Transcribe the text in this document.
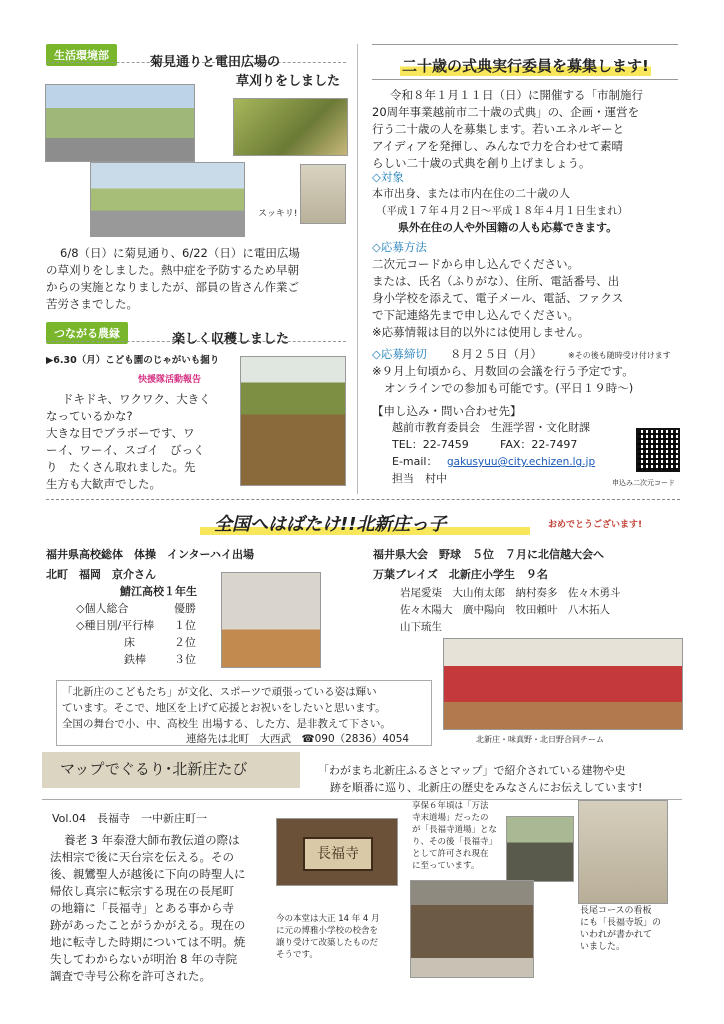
生活環境部	菊見通りと電田広場の
草刈りをしました
スッキリ!
6/8（日）に菊見通り、6/22（日）に電田広場
の草刈りをしました。熱中症を予防するため早朝
からの実施となりましたが、部員の皆さん作業ご
苦労さまでした。
つながる農縁	楽しく収穫しました
▶6.30（月）こども園のじゃがいも掘り
快援隊活動報告
ドキドキ、ワクワク、大きく
なっているかな?
大きな目でブラボーです、ワ
ーイ、ワーイ、スゴイ　びっく
り　たくさん取れました。先
生方も大歓声でした。
二十歳の式典実行委員を募集します!
令和８年１月１１日（日）に開催する「市制施行
20周年事業越前市二十歳の式典」の、企画・運営を
行う二十歳の人を募集します。若いエネルギーと
アイディアを発揮し、みんなで力を合わせて素晴
らしい二十歳の式典を創り上げましょう。
◇対象
本市出身、または市内在住の二十歳の人
（平成１７年４月２日〜平成１８年４月１日生まれ）
県外在住の人や外国籍の人も応募できます。
◇応募方法
二次元コードから申し込んでください。
または、氏名（ふりがな）、住所、電話番号、出
身小学校を添えて、電子メール、電話、ファクス
で下記連絡先まで申し込んでください。
※応募情報は目的以外には使用しません。
◇応募締切 ８月２５日（月）	※その後も随時受け付けます
※９月上旬頃から、月数回の会議を行う予定です。
オンラインでの参加も可能です。(平日１９時〜)
【申し込み・問い合わせ先】
越前市教育委員会　生涯学習・文化財課
TEL：22-7459	FAX：22-7497
E-mail： gakusyuu@city.echizen.lg.jp
担当　村中	申込み二次元コード
全国へはばたけ!!北新庄っ子	おめでとうございます!
福井県高校総体　体操　インターハイ出場
北町　福岡　京介さん
鯖江高校１年生
◇個人総合	優勝
◇種目別/平行棒 １位
床	２位
鉄棒	３位
福井県大会　野球　５位　７月に北信越大会へ
万葉ブレイズ　北新庄小学生　９名
岩尾愛柒　大山侑太郎　納村奏多　佐々木勇斗
佐々木陽大　廣中陽向　牧田頼叶　八木拓人
山下琉生
北新庄・味真野・北日野合同チーム
「北新庄のこどもたち」が文化、スポーツで頑張っている姿は輝い
ています。そこで、地区を上げて応援とお祝いをしたいと思います。
全国の舞台で小、中、高校生 出場する、した方、是非教えて下さい。
連絡先は北町　大西武　☎090（2836）4054
マップでぐるり･北新庄たび	「わがまち北新庄ふるさとマップ」で紹介されている建物や史
跡を順番に巡り、北新庄の歴史をみなさんにお伝えしています!
Vol.04　長福寺　一中新庄町一
養老 3 年泰澄大師布教伝道の際は
法相宗で後に天台宗を伝える。その
後、親鸞聖人が越後に下向の時聖人に
帰依し真宗に転宗する現在の長尾町
の地籍に「長福寺」とある事から寺
跡があったことがうかがえる。現在の
地に転寺した時期については不明。焼
失してわからないが明治 8 年の寺院
調査で寺号公称を許可された。
長福寺
今の本堂は大正 14 年 4 月
に元の博雅小学校の校舎を
譲り受けて改築したものだ
そうです。
享保６年頃は「万法
寺末道場」だったの
が「長福寺道場」とな
り、その後「長福寺」
として許可され現在
に至っています。
長尾コースの看板
にも「長福寺坂」の
いわれが書かれて
いました。
